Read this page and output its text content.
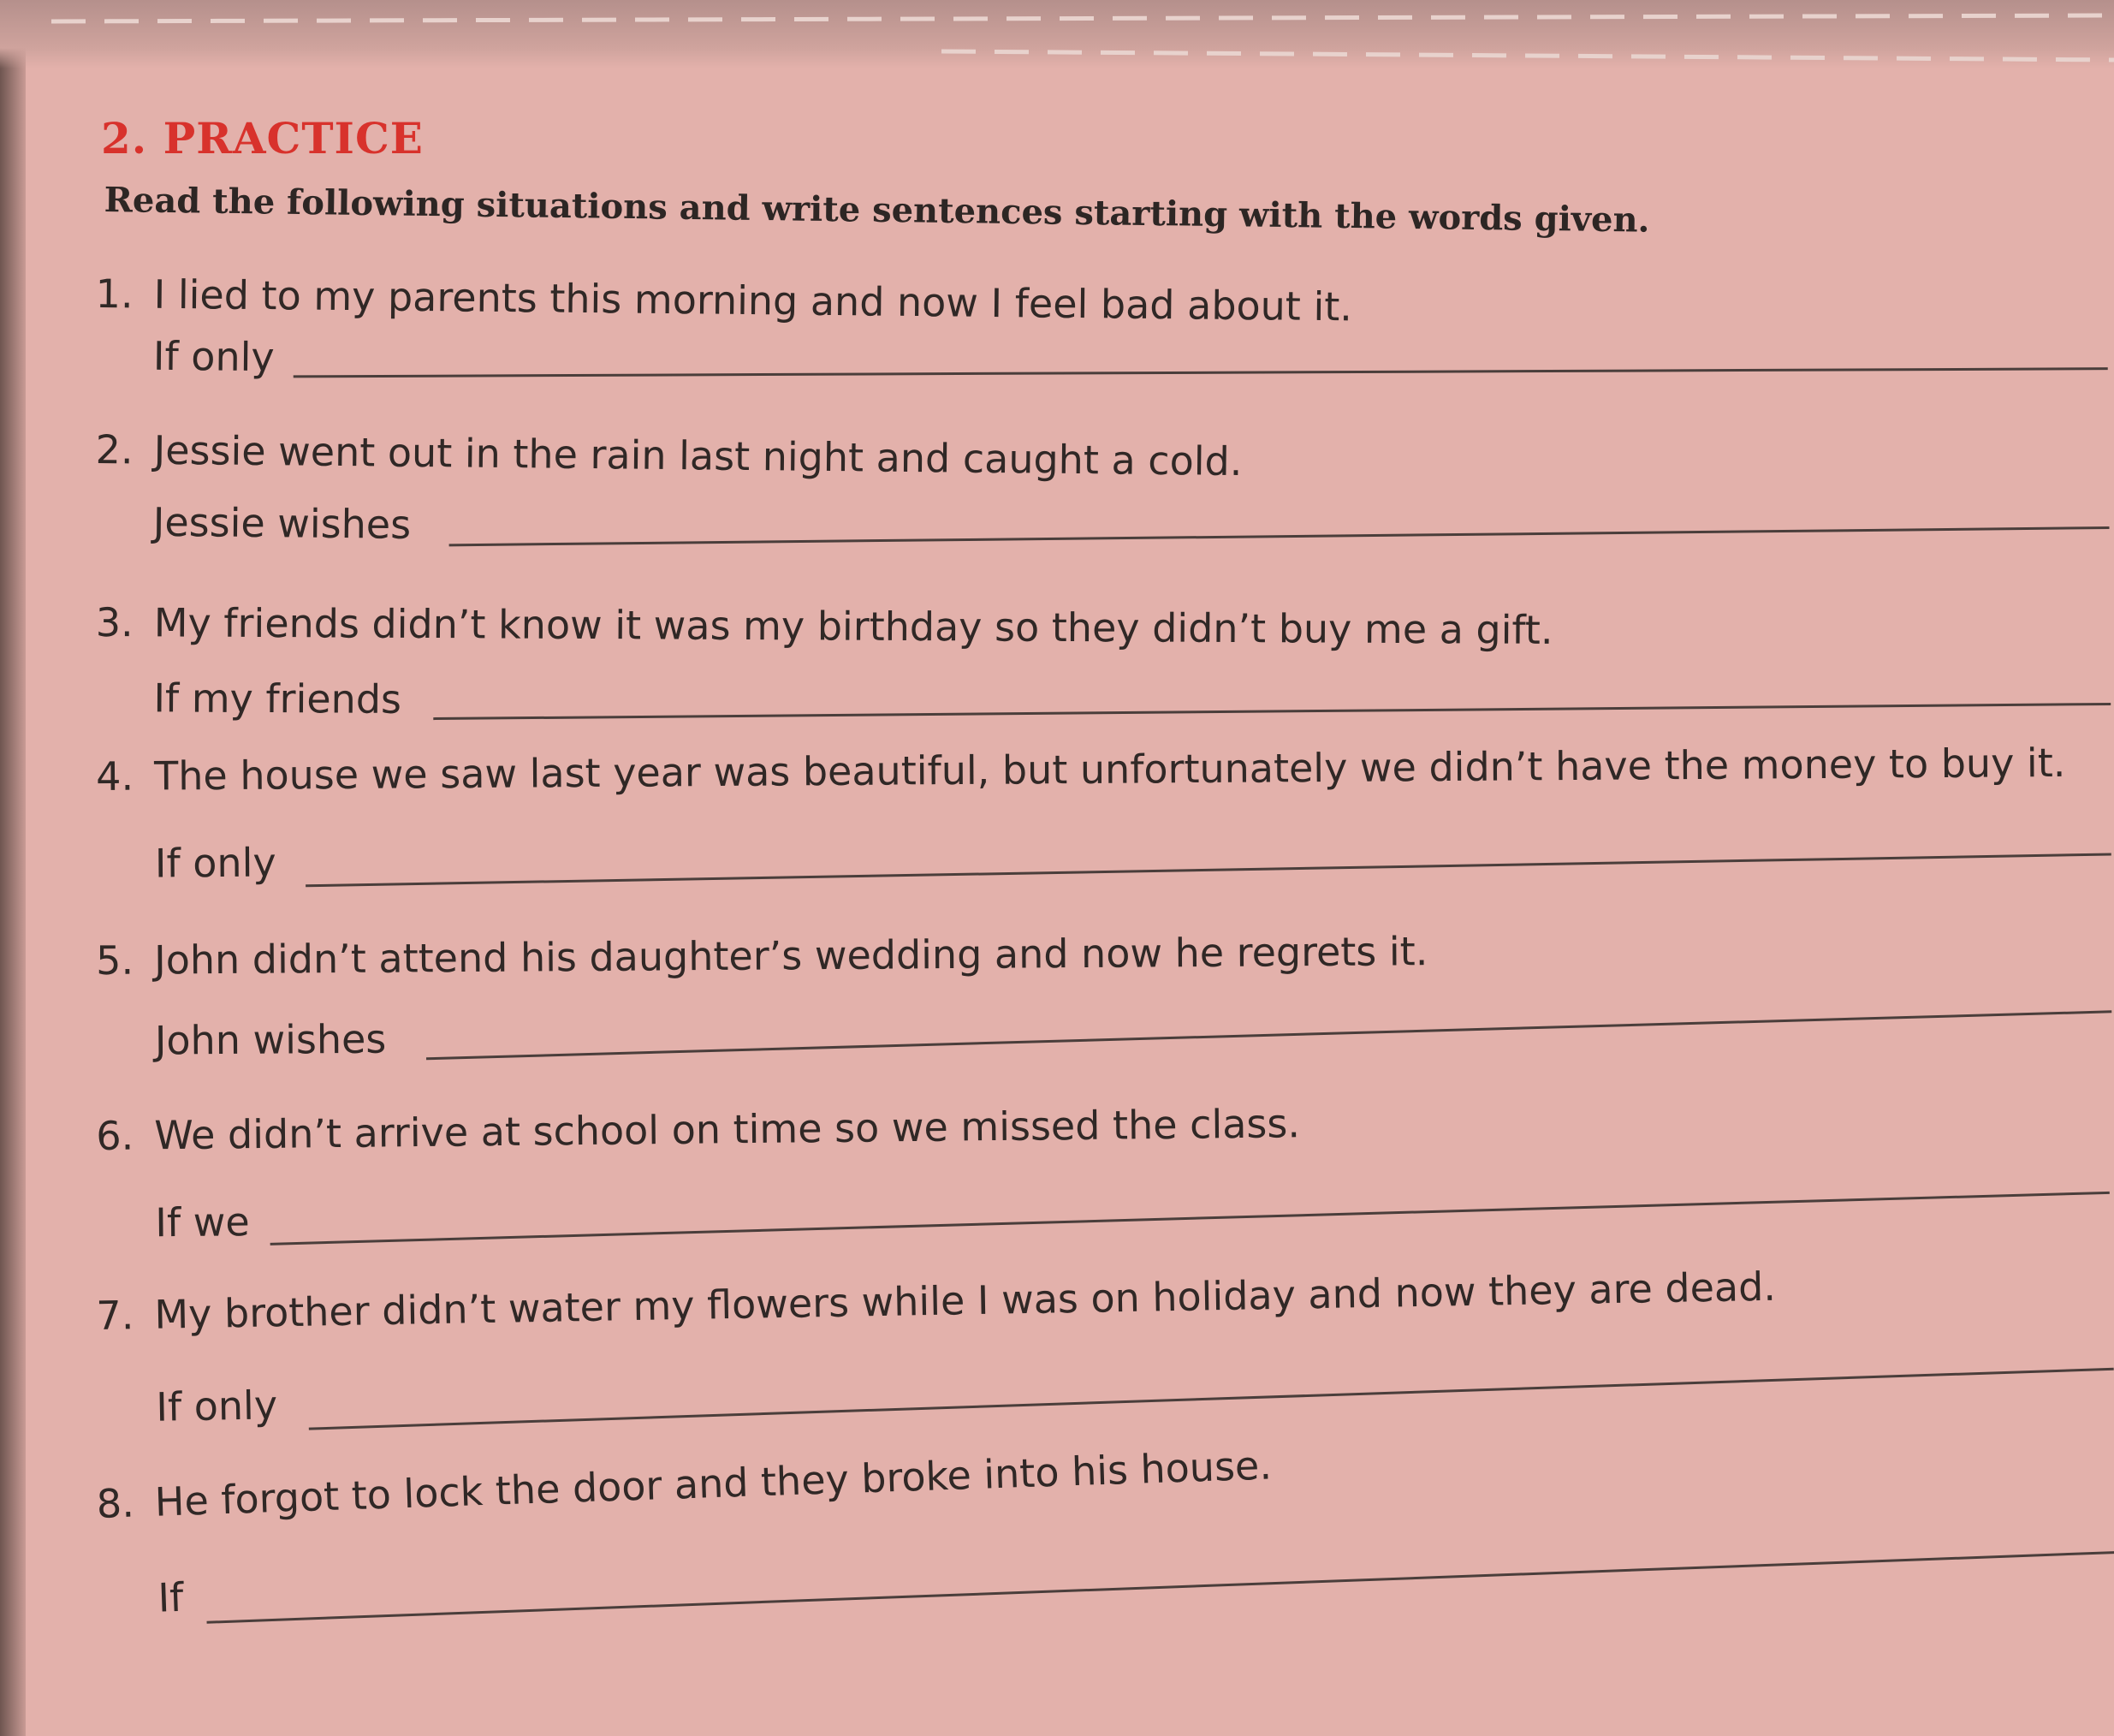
2. PRACTICE
Read the following situations and write sentences starting with the words given.
1. I lied to my parents this morning and now I feel bad about it.
If only
2. Jessie went out in the rain last night and caught a cold.
Jessie wishes
3. My friends didn’t know it was my birthday so they didn’t buy me a gift.
If my friends
4. The house we saw last year was beautiful, but unfortunately we didn’t have the money to buy it.
If only
5. John didn’t attend his daughter’s wedding and now he regrets it.
John wishes
6. We didn’t arrive at school on time so we missed the class.
If we
7. My brother didn’t water my flowers while I was on holiday and now they are dead.
If only
8. He forgot to lock the door and they broke into his house.
If
